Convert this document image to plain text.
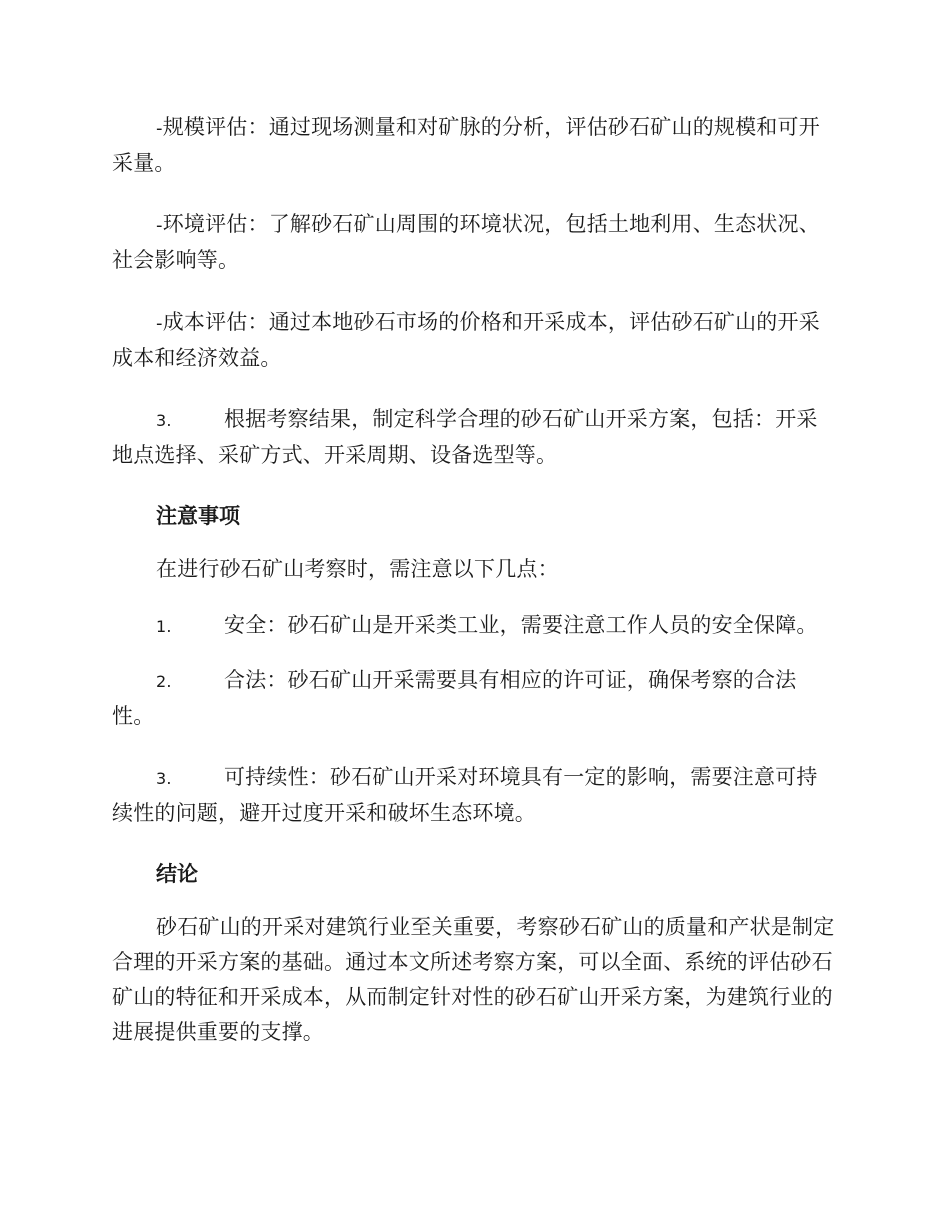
-规模评估：通过现场测量和对矿脉的分析，评估砂石矿山的规模和可开采量。

-环境评估：了解砂石矿山周围的环境状况，包括土地利用、生态状况、社会影响等。

-成本评估：通过本地砂石市场的价格和开采成本，评估砂石矿山的开采成本和经济效益。

3. 根据考察结果，制定科学合理的砂石矿山开采方案，包括：开采地点选择、采矿方式、开采周期、设备选型等。

注意事项

在进行砂石矿山考察时，需注意以下几点：

1. 安全：砂石矿山是开采类工业，需要注意工作人员的安全保障。

2. 合法：砂石矿山开采需要具有相应的许可证，确保考察的合法性。

3. 可持续性：砂石矿山开采对环境具有一定的影响，需要注意可持续性的问题，避开过度开采和破坏生态环境。

结论

砂石矿山的开采对建筑行业至关重要，考察砂石矿山的质量和产状是制定合理的开采方案的基础。通过本文所述考察方案，可以全面、系统的评估砂石矿山的特征和开采成本，从而制定针对性的砂石矿山开采方案，为建筑行业的进展提供重要的支撑。
